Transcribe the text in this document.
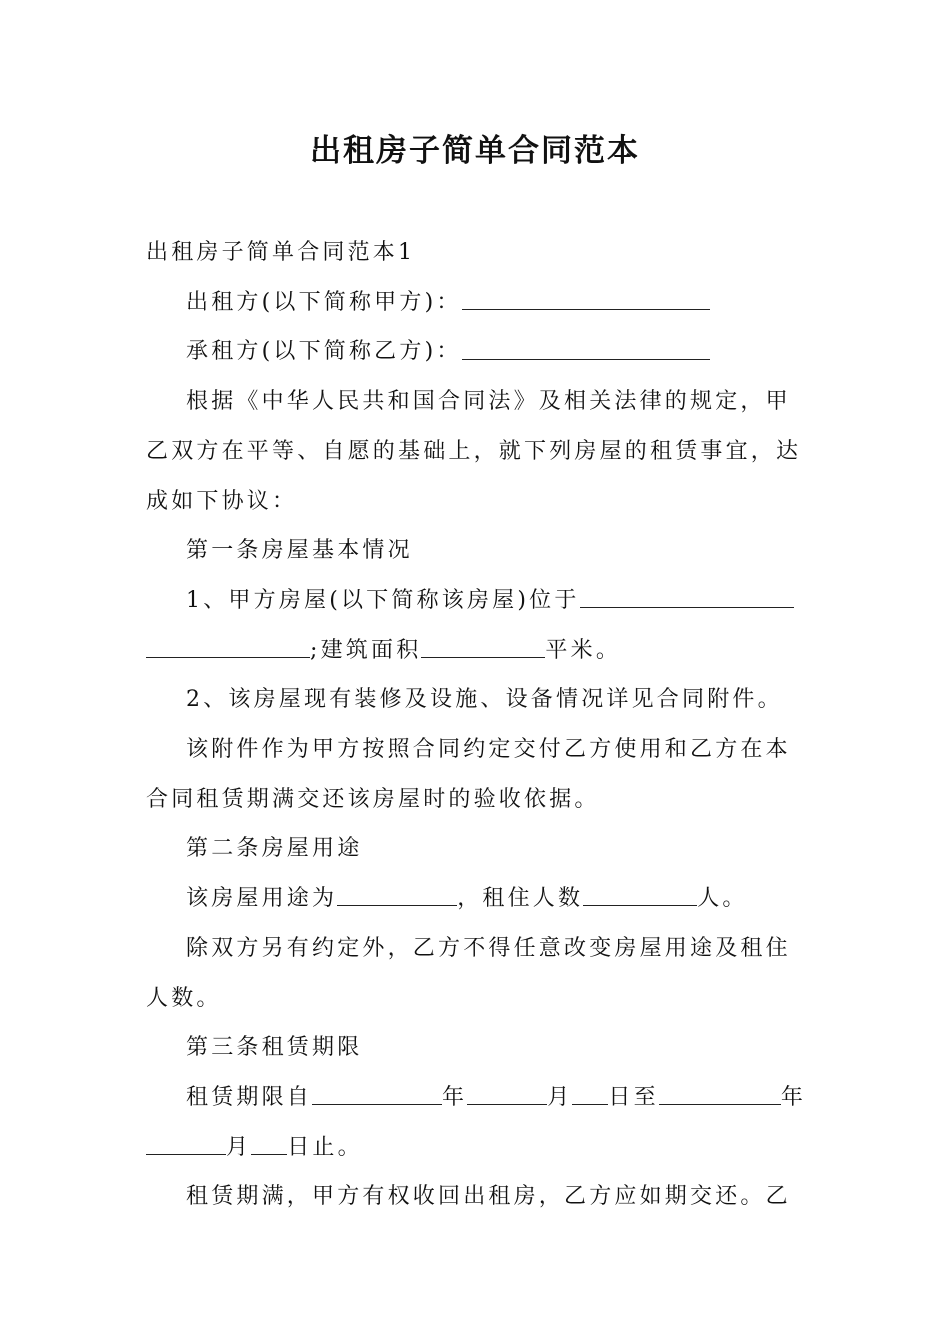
出租房子简单合同范本

出租房子简单合同范本1

出租方(以下简称甲方)：

承租方(以下简称乙方)：

根据《中华人民共和国合同法》及相关法律的规定，甲乙双方在平等、自愿的基础上，就下列房屋的租赁事宜，达成如下协议：

第一条房屋基本情况

1、甲方房屋(以下简称该房屋)位于;建筑面积	平米。

2、该房屋现有装修及设施、设备情况详见合同附件。

该附件作为甲方按照合同约定交付乙方使用和乙方在本合同租赁期满交还该房屋时的验收依据。

第二条房屋用途

该房屋用途为	，租住人数	人。

除双方另有约定外，乙方不得任意改变房屋用途及租住人数。

第三条租赁期限

租赁期限自	年	月 日至	年月 日止。

租赁期满，甲方有权收回出租房，乙方应如期交还。乙
